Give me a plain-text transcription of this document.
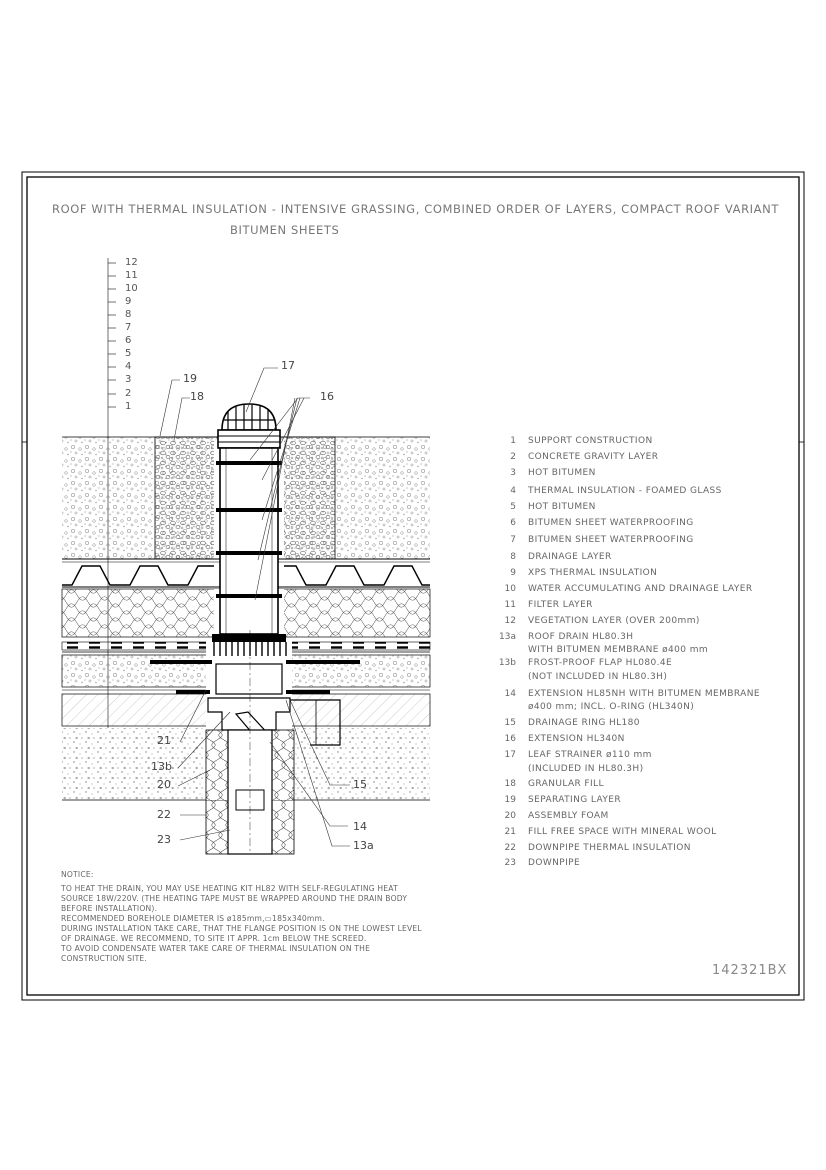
ROOF WITH THERMAL INSULATION - INTENSIVE GRASSING, COMBINED ORDER OF LAYERS, COMPACT ROOF VARIANT
BITUMEN SHEETS
12
11
10
9
8
7
6
5
4
3
2
1
17
16
19
18
21
13b
20	15
22
14
23	13a
1 SUPPORT CONSTRUCTION
2 CONCRETE GRAVITY LAYER
3 HOT BITUMEN
4 THERMAL INSULATION - FOAMED GLASS
5 HOT BITUMEN
6 BITUMEN SHEET WATERPROOFING
7 BITUMEN SHEET WATERPROOFING
8 DRAINAGE LAYER
9 XPS THERMAL INSULATION
10 WATER ACCUMULATING AND DRAINAGE LAYER
11 FILTER LAYER
12 VEGETATION LAYER (OVER 200mm)
13a ROOF DRAIN HL80.3H
WITH BITUMEN MEMBRANE ø400 mm
13b FROST-PROOF FLAP HL080.4E
(NOT INCLUDED IN HL80.3H)
14 EXTENSION HL85NH WITH BITUMEN MEMBRANE
ø400 mm; INCL. O-RING (HL340N)
15 DRAINAGE RING HL180
16 EXTENSION HL340N
17 LEAF STRAINER ø110 mm
(INCLUDED IN HL80.3H)
18 GRANULAR FILL
19 SEPARATING LAYER
20 ASSEMBLY FOAM
21 FILL FREE SPACE WITH MINERAL WOOL
22 DOWNPIPE THERMAL INSULATION
23 DOWNPIPE
NOTICE:
TO HEAT THE DRAIN, YOU MAY USE HEATING KIT HL82 WITH SELF-REGULATING HEAT
SOURCE 18W/220V. (THE HEATING TAPE MUST BE WRAPPED AROUND THE DRAIN BODY
BEFORE INSTALLATION).
RECOMMENDED BOREHOLE DIAMETER IS ø185mm,▭185x340mm.
DURING INSTALLATION TAKE CARE, THAT THE FLANGE POSITION IS ON THE LOWEST LEVEL
OF DRAINAGE. WE RECOMMEND, TO SITE IT APPR. 1cm BELOW THE SCREED.
TO AVOID CONDENSATE WATER TAKE CARE OF THERMAL INSULATION ON THE
CONSTRUCTION SITE.
142321BX
